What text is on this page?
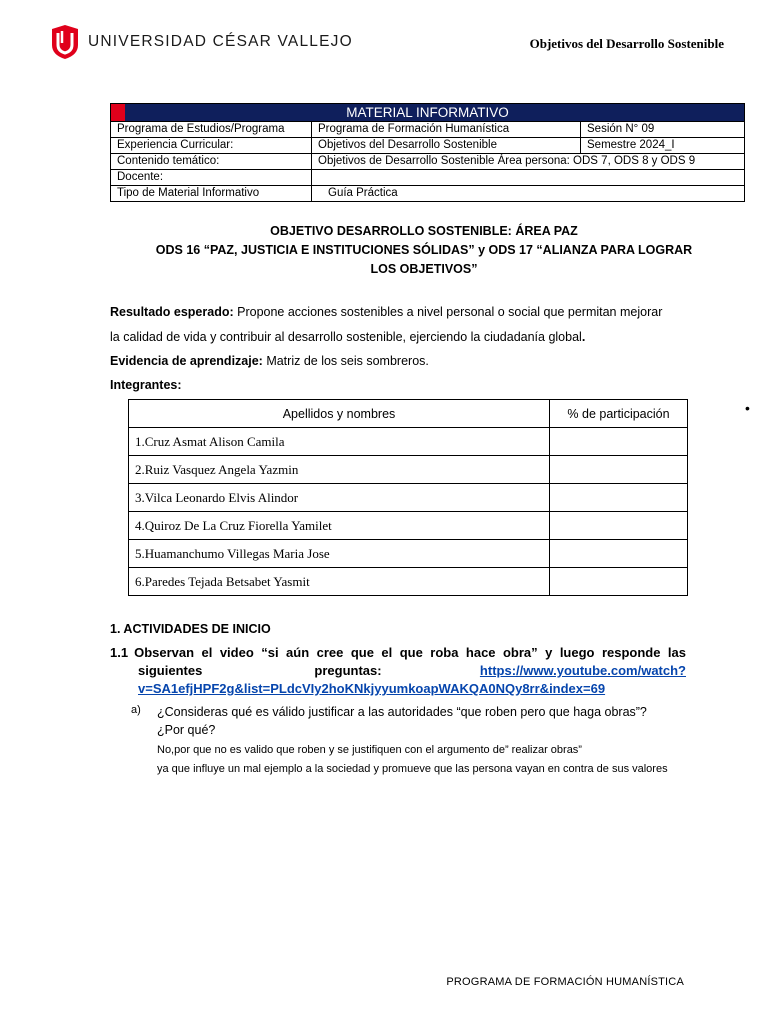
UNIVERSIDAD CÉSAR VALLEJO	Objetivos del Desarrollo Sostenible
MATERIAL INFORMATIVO		
Programa de Estudios/Programa	Programa de Formación Humanística	Sesión N° 09
Experiencia Curricular:	Objetivos del Desarrollo Sostenible	Semestre 2024_I
Contenido temático:	Objetivos de Desarrollo Sostenible Área persona: ODS 7, ODS 8 y ODS 9	
Docente:		
Tipo de Material Informativo	Guía Práctica	
OBJETIVO DESARROLLO SOSTENIBLE: ÁREA PAZ
ODS 16 “PAZ, JUSTICIA E INSTITUCIONES SÓLIDAS” y ODS 17 “ALIANZA PARA LOGRAR
LOS OBJETIVOS”
Resultado esperado: Propone acciones sostenibles a nivel personal o social que permitan mejorar
la calidad de vida y contribuir al desarrollo sostenible, ejerciendo la ciudadanía global.
Evidencia de aprendizaje: Matriz de los seis sombreros.
Integrantes:
Apellidos y nombres	% de participación
1.Cruz Asmat Alison Camila	
2.Ruiz Vasquez Angela Yazmin	
3.Vilca Leonardo Elvis Alindor	
4.Quiroz De La Cruz Fiorella Yamilet	
5.Huamanchumo Villegas Maria Jose	
6.Paredes Tejada Betsabet Yasmit	
•
1. ACTIVIDADES DE INICIO
1.1 Observan el video “si aún cree que el que roba hace obra” y luego responde las
siguientes	preguntas:	https://www.youtube.com/watch?
v=SA1efjHPF2g&list=PLdcVIy2hoKNkjyyumkoapWAKQA0NQy8rr&index=69
a) ¿Consideras qué es válido justificar a las autoridades “que roben pero que haga obras”?
¿Por qué?
No,por que no es valido que roben y se justifiquen con el argumento de” realizar obras”
ya que influye un mal ejemplo a la sociedad y promueve que las persona vayan en contra de sus valores
PROGRAMA DE FORMACIÓN HUMANÍSTICA
